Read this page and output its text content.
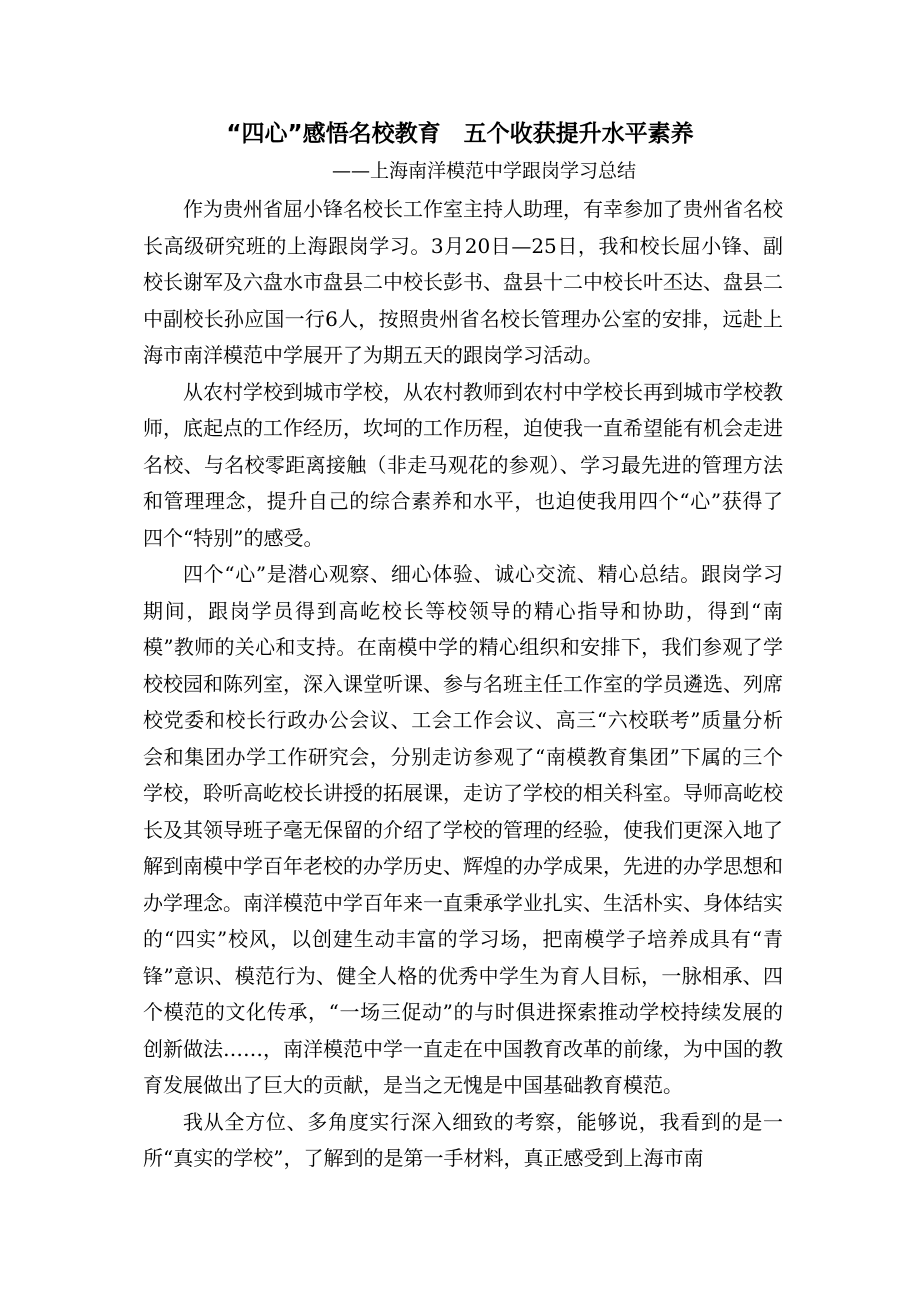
“四心”感悟名校教育　五个收获提升水平素养
——上海南洋模范中学跟岗学习总结

作为贵州省屈小锋名校长工作室主持人助理，有幸参加了贵州省名校长高级研究班的上海跟岗学习。3月20日—25日，我和校长屈小锋、副校长谢军及六盘水市盘县二中校长彭书、盘县十二中校长叶丕达、盘县二中副校长孙应国一行6人，按照贵州省名校长管理办公室的安排，远赴上海市南洋模范中学展开了为期五天的跟岗学习活动。

从农村学校到城市学校，从农村教师到农村中学校长再到城市学校教师，底起点的工作经历，坎坷的工作历程，迫使我一直希望能有机会走进名校、与名校零距离接触（非走马观花的参观）、学习最先进的管理方法和管理理念，提升自己的综合素养和水平，也迫使我用四个“心”获得了四个“特别”的感受。

四个“心”是潜心观察、细心体验、诚心交流、精心总结。跟岗学习期间，跟岗学员得到高屹校长等校领导的精心指导和协助，得到“南模”教师的关心和支持。在南模中学的精心组织和安排下，我们参观了学校校园和陈列室，深入课堂听课、参与名班主任工作室的学员遴选、列席校党委和校长行政办公会议、工会工作会议、高三“六校联考”质量分析会和集团办学工作研究会，分别走访参观了“南模教育集团”下属的三个学校，聆听高屹校长讲授的拓展课，走访了学校的相关科室。导师高屹校长及其领导班子毫无保留的介绍了学校的管理的经验，使我们更深入地了解到南模中学百年老校的办学历史、辉煌的办学成果，先进的办学思想和办学理念。南洋模范中学百年来一直秉承学业扎实、生活朴实、身体结实的“四实”校风，以创建生动丰富的学习场，把南模学子培养成具有“青锋”意识、模范行为、健全人格的优秀中学生为育人目标，一脉相承、四个模范的文化传承，“一场三促动”的与时俱进探索推动学校持续发展的创新做法……，南洋模范中学一直走在中国教育改革的前缘，为中国的教育发展做出了巨大的贡献，是当之无愧是中国基础教育模范。

我从全方位、多角度实行深入细致的考察，能够说，我看到的是一所“真实的学校”，了解到的是第一手材料，真正感受到上海市南
